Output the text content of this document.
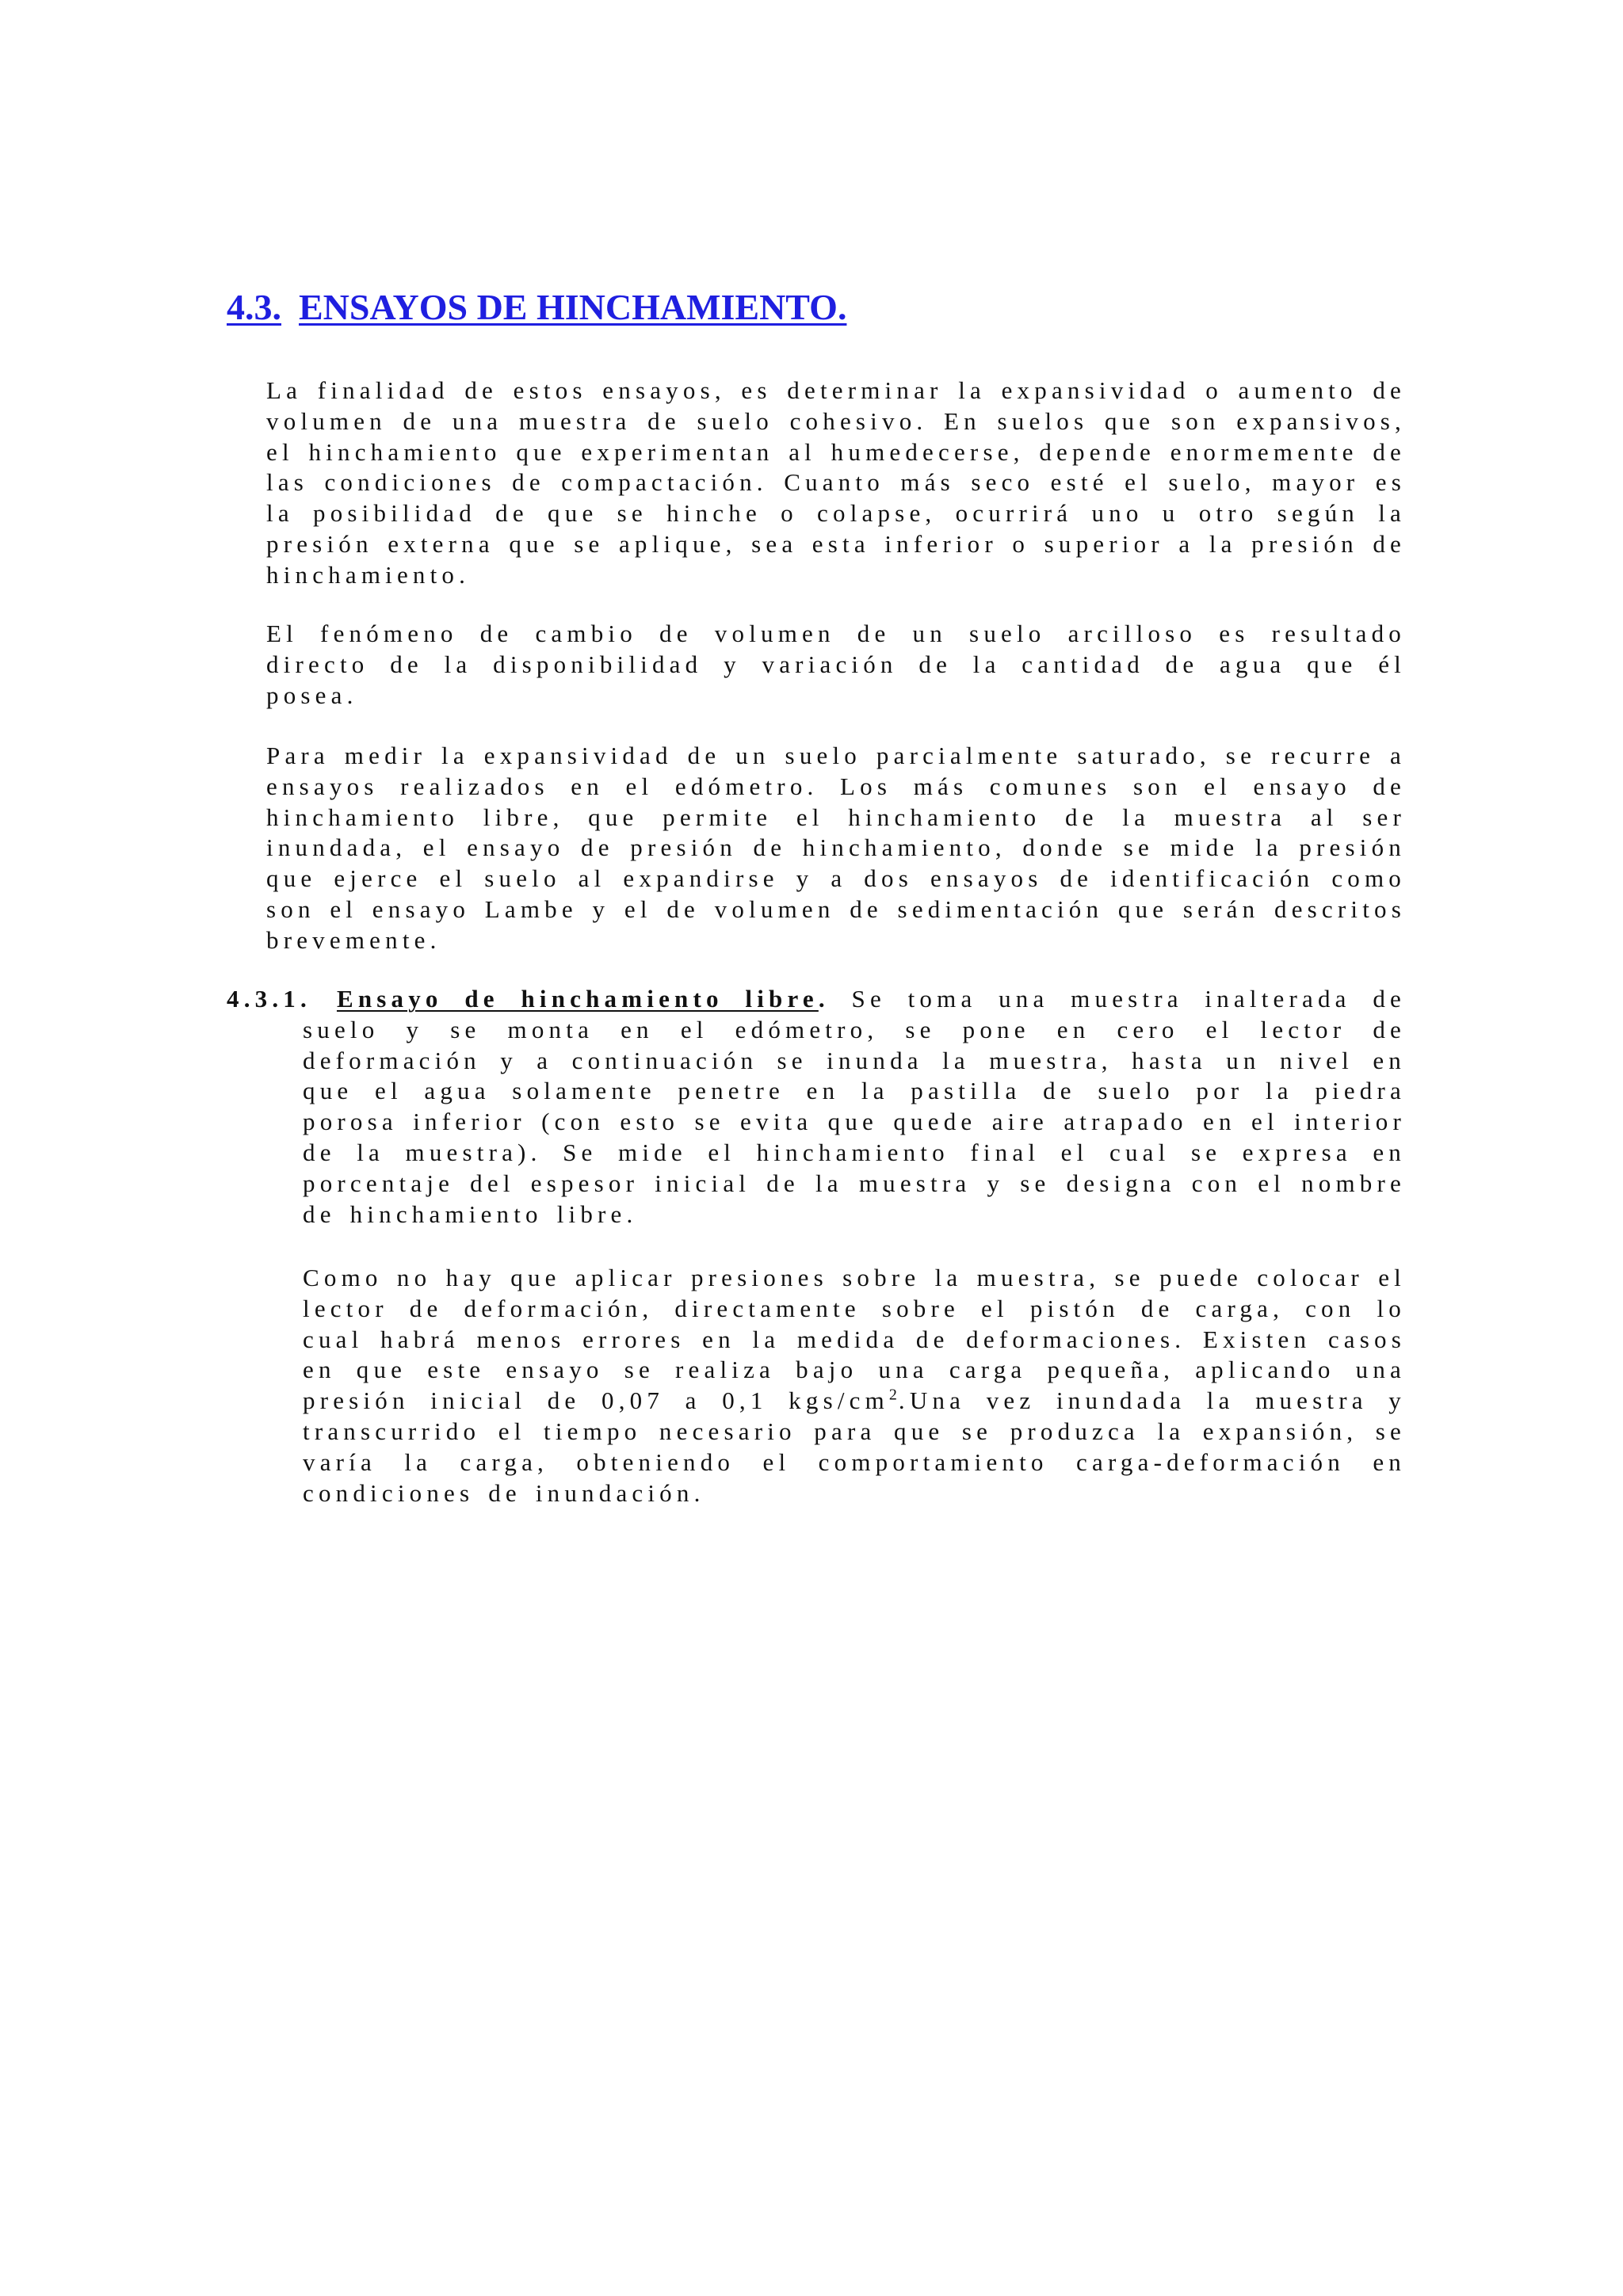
4.3. ENSAYOS DE HINCHAMIENTO.

La finalidad de estos ensayos, es determinar la expansividad o aumento de volumen de una muestra de suelo cohesivo. En suelos que son expansivos, el hinchamiento que experimentan al humedecerse, depende enormemente de las condiciones de compactación. Cuanto más seco esté el suelo, mayor es la posibilidad de que se hinche o colapse, ocurrirá uno u otro según la presión externa que se aplique, sea esta inferior o superior a la presión de hinchamiento.

El fenómeno de cambio de volumen de un suelo arcilloso es resultado directo de la disponibilidad y variación de la cantidad de agua que él posea.

Para medir la expansividad de un suelo parcialmente saturado, se recurre a ensayos realizados en el edómetro. Los más comunes son el ensayo de hinchamiento libre, que permite el hinchamiento de la muestra al ser inundada, el ensayo de presión de hinchamiento, donde se mide la presión que ejerce el suelo al expandirse y a dos ensayos de identificación como son el ensayo Lambe y el de volumen de sedimentación que serán descritos brevemente.

4.3.1. Ensayo de hinchamiento libre. Se toma una muestra inalterada de suelo y se monta en el edómetro, se pone en cero el lector de deformación y a continuación se inunda la muestra, hasta un nivel en que el agua solamente penetre en la pastilla de suelo por la piedra porosa inferior (con esto se evita que quede aire atrapado en el interior de la muestra). Se mide el hinchamiento final el cual se expresa en porcentaje del espesor inicial de la muestra y se designa con el nombre de hinchamiento libre.

Como no hay que aplicar presiones sobre la muestra, se puede colocar el lector de deformación, directamente sobre el pistón de carga, con lo cual habrá menos errores en la medida de deformaciones. Existen casos en que este ensayo se realiza bajo una carga pequeña, aplicando una presión inicial de 0,07 a 0,1 kgs/$cm^2.Una$ vez inundada la muestra y transcurrido el tiempo necesario para que se produzca la expansión, se varía la carga, obteniendo el comportamiento carga-deformación en condiciones de inundación.
